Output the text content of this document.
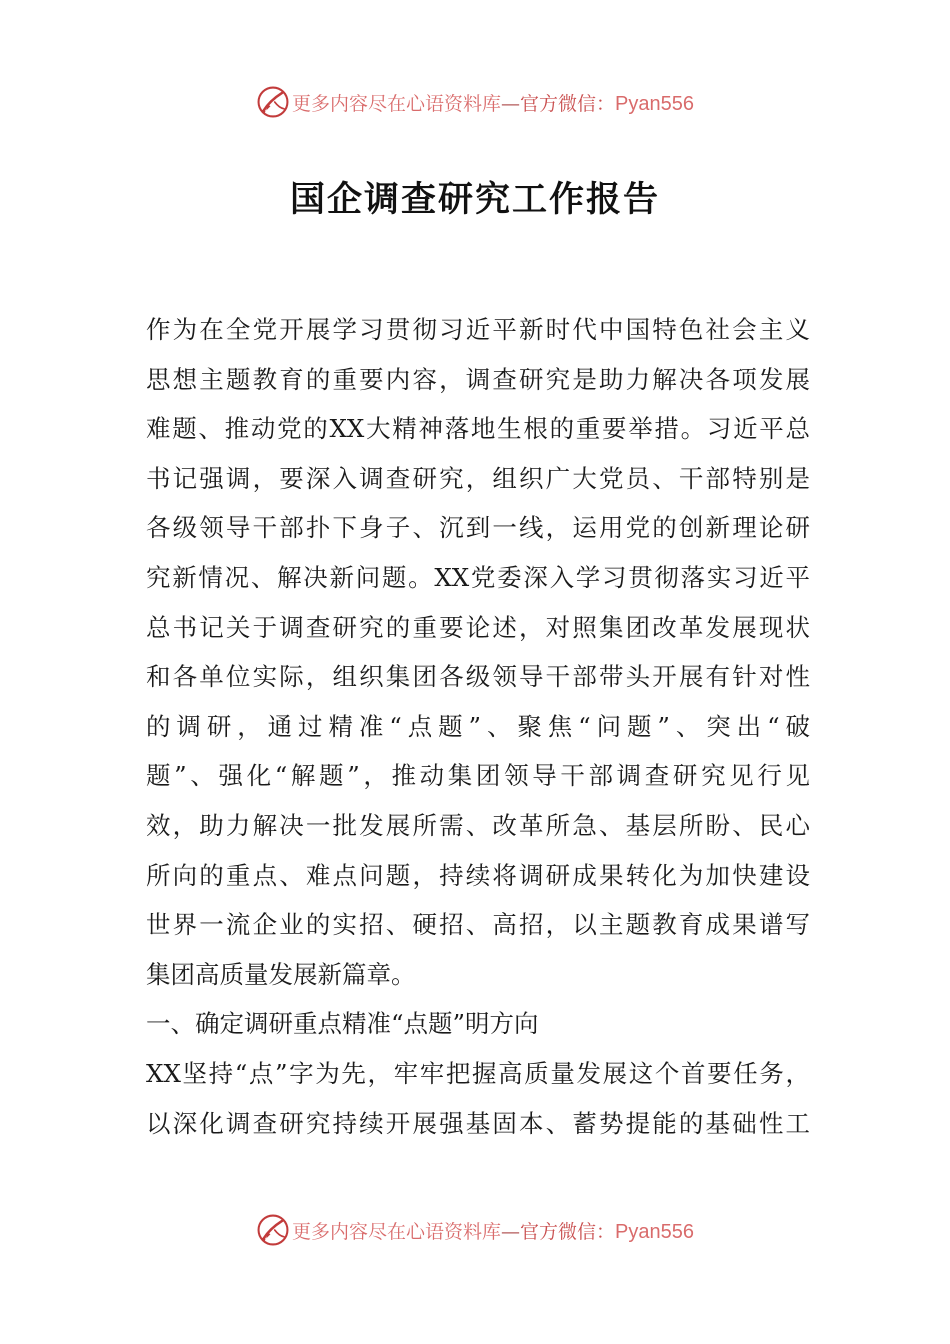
更多内容尽在心语资料库—官方微信：Pyan556
国企调查研究工作报告
作为在全党开展学习贯彻习近平新时代中国特色社会主义
思想主题教育的重要内容，调查研究是助力解决各项发展
难题、推动党的XX大精神落地生根的重要举措。习近平总
书记强调，要深入调查研究，组织广大党员、干部特别是
各级领导干部扑下身子、沉到一线，运用党的创新理论研
究新情况、解决新问题。XX党委深入学习贯彻落实习近平
总书记关于调查研究的重要论述，对照集团改革发展现状
和各单位实际，组织集团各级领导干部带头开展有针对性
的调研，通过精准“点题”、聚焦“问题”、突出“破
题”、强化“解题”，推动集团领导干部调查研究见行见
效，助力解决一批发展所需、改革所急、基层所盼、民心
所向的重点、难点问题，持续将调研成果转化为加快建设
世界一流企业的实招、硬招、高招，以主题教育成果谱写
集团高质量发展新篇章。
一、确定调研重点精准“点题”明方向
XX坚持“点”字为先，牢牢把握高质量发展这个首要任务，
以深化调查研究持续开展强基固本、蓄势提能的基础性工
更多内容尽在心语资料库—官方微信：Pyan556
